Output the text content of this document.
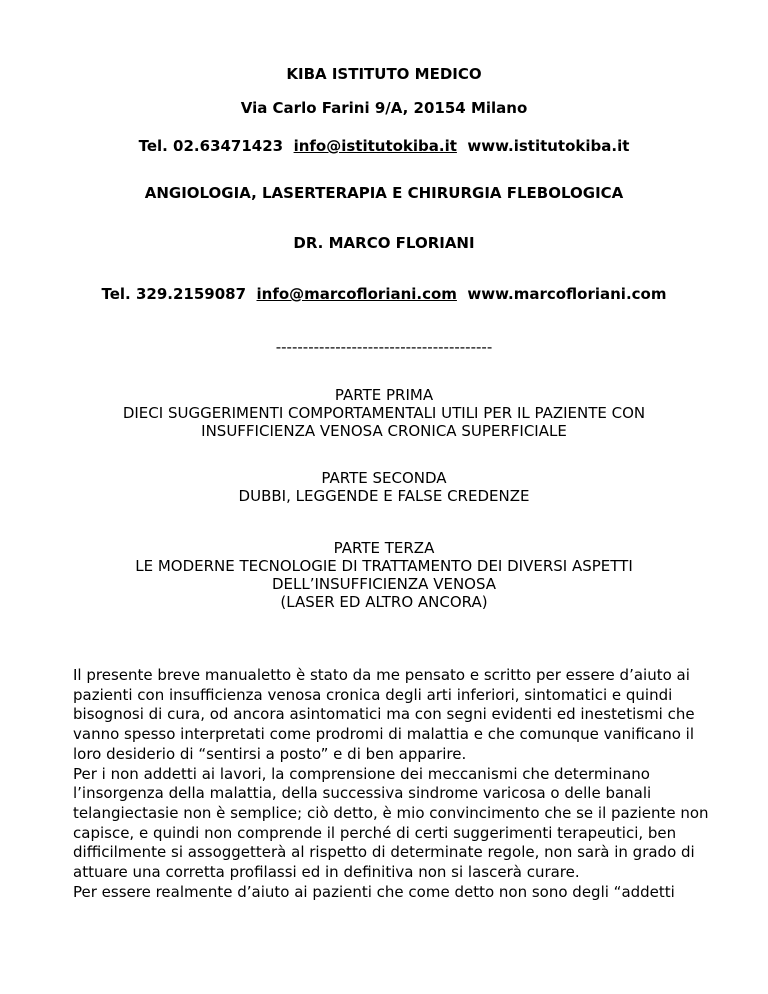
KIBA ISTITUTO MEDICO
Via Carlo Farini 9/A, 20154 Milano
Tel. 02.63471423 info@istitutokiba.it www.istitutokiba.it
ANGIOLOGIA, LASERTERAPIA E CHIRURGIA FLEBOLOGICA
DR. MARCO FLORIANI
Tel. 329.2159087 info@marcofloriani.com www.marcofloriani.com
----------------------------------------
PARTE PRIMA
DIECI SUGGERIMENTI COMPORTAMENTALI UTILI PER IL PAZIENTE CON
INSUFFICIENZA VENOSA CRONICA SUPERFICIALE
PARTE SECONDA
DUBBI, LEGGENDE E FALSE CREDENZE
PARTE TERZA
LE MODERNE TECNOLOGIE DI TRATTAMENTO DEI DIVERSI ASPETTI
DELL’INSUFFICIENZA VENOSA
(LASER ED ALTRO ANCORA)

Il presente breve manualetto è stato da me pensato e scritto per essere d’aiuto ai pazienti con insufficienza venosa cronica degli arti inferiori, sintomatici e quindi bisognosi di cura, od ancora asintomatici ma con segni evidenti ed inestetismi che vanno spesso interpretati come prodromi di malattia e che comunque vanificano il loro desiderio di “sentirsi a posto” e di ben apparire.

Per i non addetti ai lavori, la comprensione dei meccanismi che determinano l’insorgenza della malattia, della successiva sindrome varicosa o delle banali telangiectasie non è semplice; ciò detto, è mio convincimento che se il paziente non capisce, e quindi non comprende il perché di certi suggerimenti terapeutici, ben difficilmente si assoggetterà al rispetto di determinate regole, non sarà in grado di attuare una corretta profilassi ed in definitiva non si lascerà curare.

Per essere realmente d’aiuto ai pazienti che come detto non sono degli “addetti
